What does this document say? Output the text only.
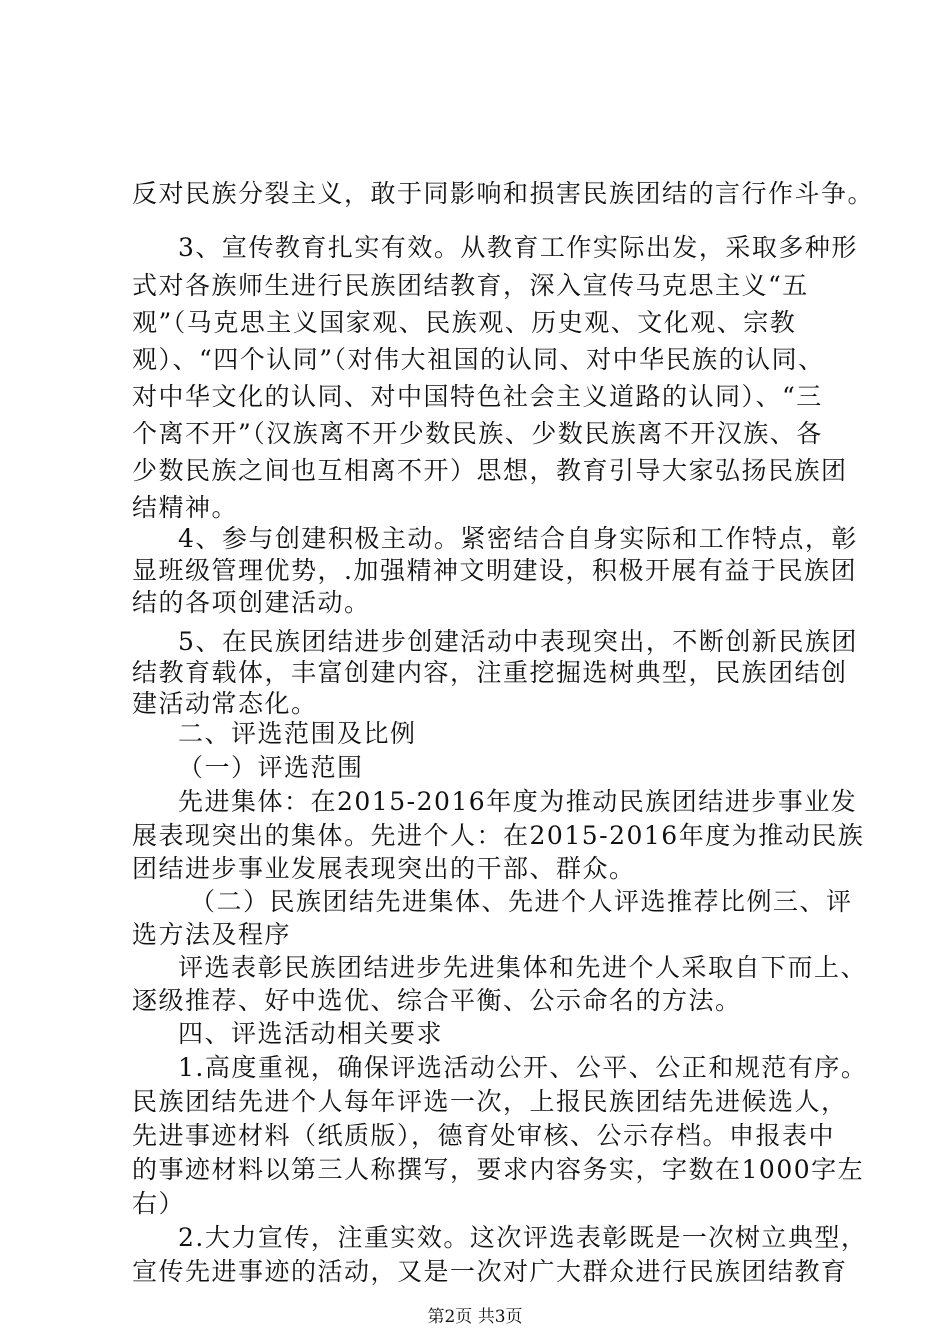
反对民族分裂主义，敢于同影响和损害民族团结的言行作斗争。
3、宣传教育扎实有效。从教育工作实际出发，采取多种形
式对各族师生进行民族团结教育，深入宣传马克思主义“五
观”（马克思主义国家观、民族观、历史观、文化观、宗教
观）、“四个认同”（对伟大祖国的认同、对中华民族的认同、
对中华文化的认同、对中国特色社会主义道路的认同）、“三
个离不开”（汉族离不开少数民族、少数民族离不开汉族、各
少数民族之间也互相离不开）思想，教育引导大家弘扬民族团
结精神。
4、参与创建积极主动。紧密结合自身实际和工作特点，彰
显班级管理优势，.加强精神文明建设，积极开展有益于民族团
结的各项创建活动。
5、在民族团结进步创建活动中表现突出，不断创新民族团
结教育载体，丰富创建内容，注重挖掘选树典型，民族团结创
建活动常态化。
二、评选范围及比例
（一）评选范围
先进集体：在2015-2016年度为推动民族团结进步事业发
展表现突出的集体。先进个人：在2015-2016年度为推动民族
团结进步事业发展表现突出的干部、群众。
（二）民族团结先进集体、先进个人评选推荐比例三、评
选方法及程序
评选表彰民族团结进步先进集体和先进个人采取自下而上、
逐级推荐、好中选优、综合平衡、公示命名的方法。
四、评选活动相关要求
1.高度重视，确保评选活动公开、公平、公正和规范有序。
民族团结先进个人每年评选一次，上报民族团结先进候选人，
先进事迹材料（纸质版），德育处审核、公示存档。申报表中
的事迹材料以第三人称撰写，要求内容务实，字数在1000字左
右）
2.大力宣传，注重实效。这次评选表彰既是一次树立典型，
宣传先进事迹的活动，又是一次对广大群众进行民族团结教育
第2页 共3页
